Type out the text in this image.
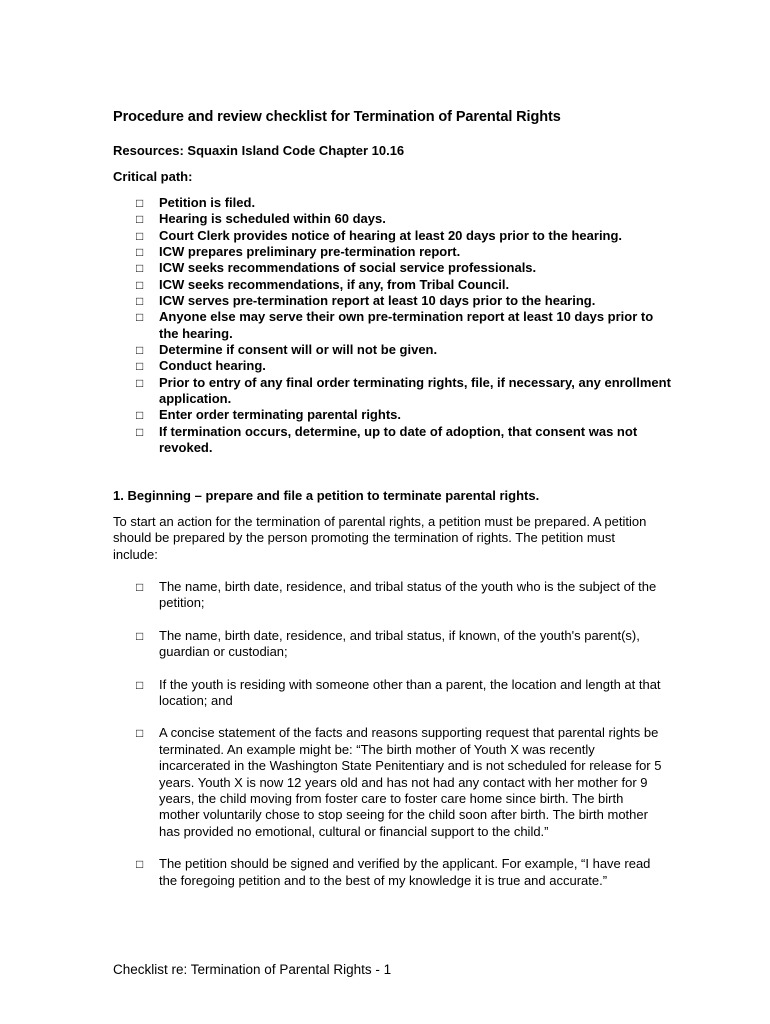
Procedure and review checklist for Termination of Parental Rights
Resources: Squaxin Island Code Chapter 10.16
Critical path:
□ Petition is filed.
□ Hearing is scheduled within 60 days.
□ Court Clerk provides notice of hearing at least 20 days prior to the hearing.
□ ICW prepares preliminary pre-termination report.
□ ICW seeks recommendations of social service professionals.
□ ICW seeks recommendations, if any, from Tribal Council.
□ ICW serves pre-termination report at least 10 days prior to the hearing.
□ Anyone else may serve their own pre-termination report at least 10 days prior to the hearing.
□ Determine if consent will or will not be given.
□ Conduct hearing.
□ Prior to entry of any final order terminating rights, file, if necessary, any enrollment application.
□ Enter order terminating parental rights.
□ If termination occurs, determine, up to date of adoption, that consent was not revoked.
1. Beginning – prepare and file a petition to terminate parental rights.
To start an action for the termination of parental rights, a petition must be prepared. A petition should be prepared by the person promoting the termination of rights. The petition must include:
□ The name, birth date, residence, and tribal status of the youth who is the subject of the petition;
□ The name, birth date, residence, and tribal status, if known, of the youth's parent(s), guardian or custodian;
□ If the youth is residing with someone other than a parent, the location and length at that location; and
□ A concise statement of the facts and reasons supporting request that parental rights be terminated. An example might be: “The birth mother of Youth X was recently incarcerated in the Washington State Penitentiary and is not scheduled for release for 5 years. Youth X is now 12 years old and has not had any contact with her mother for 9 years, the child moving from foster care to foster care home since birth. The birth mother voluntarily chose to stop seeing for the child soon after birth. The birth mother has provided no emotional, cultural or financial support to the child.”
□ The petition should be signed and verified by the applicant. For example, “I have read the foregoing petition and to the best of my knowledge it is true and accurate.”
Checklist re: Termination of Parental Rights - 1
